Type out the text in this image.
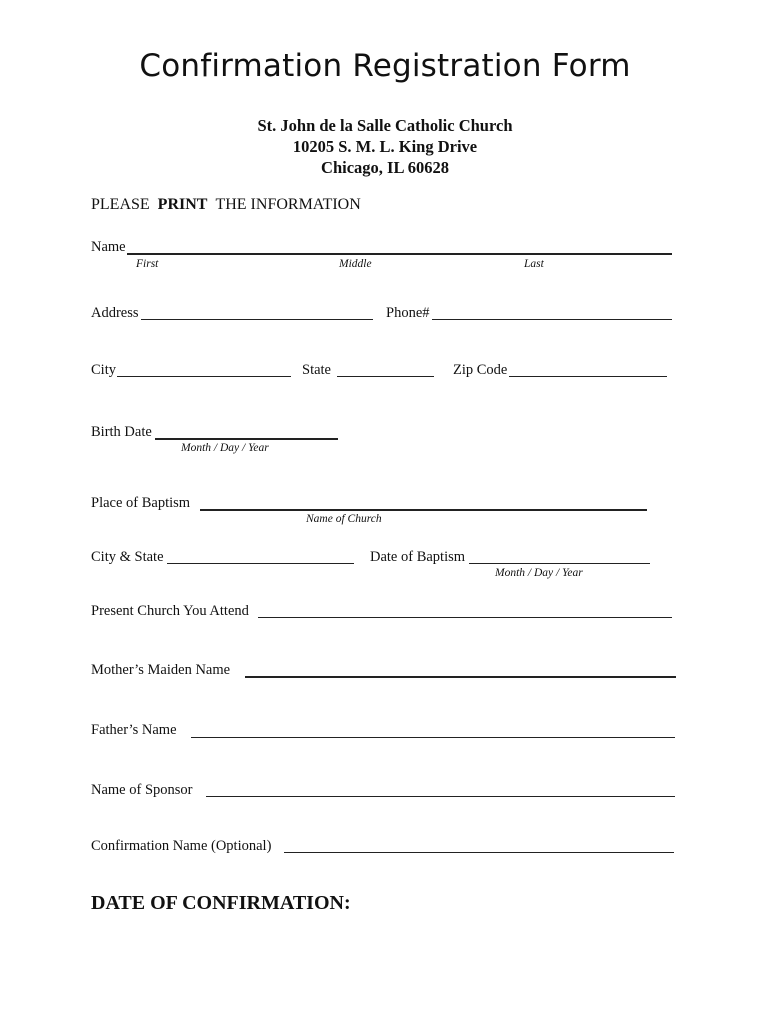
Confirmation Registration Form
St. John de la Salle Catholic Church
10205 S. M. L. King Drive
Chicago, IL 60628
PLEASE PRINT THE INFORMATION
Name
First	Middle	Last
Address	Phone#
City	State	Zip Code
Birth Date
Month / Day / Year
Place of Baptism
Name of Church
City & State	Date of Baptism
Month / Day / Year
Present Church You Attend
Mother’s Maiden Name
Father’s Name
Name of Sponsor
Confirmation Name (Optional)
DATE OF CONFIRMATION:
